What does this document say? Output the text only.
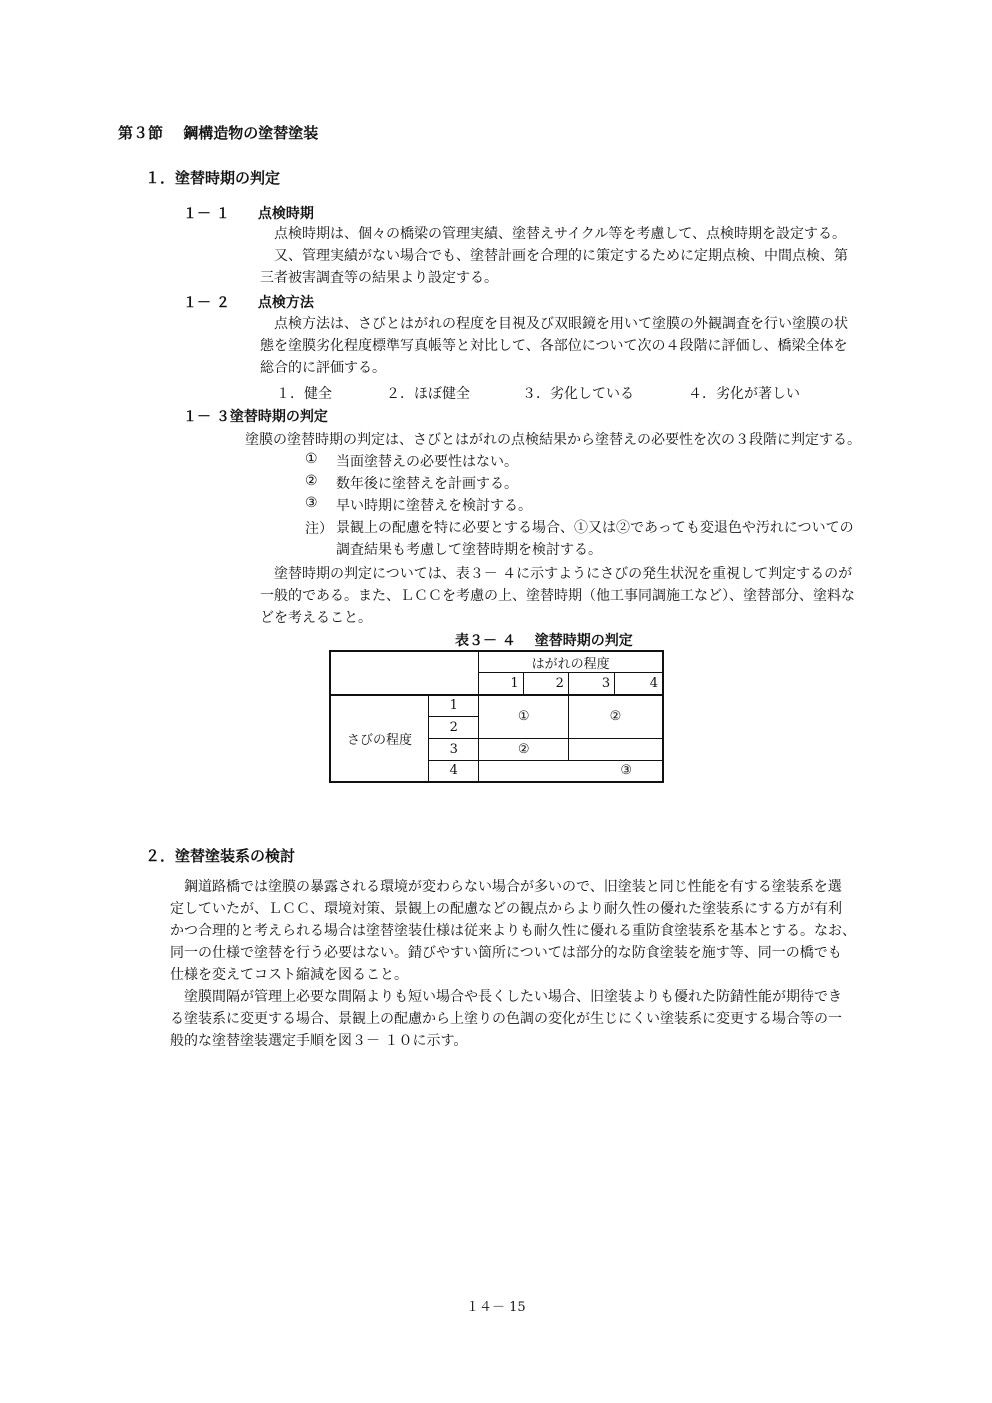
第３節　 鋼構造物の塗替塗装
１．塗替時期の判定
１－ １　　点検時期
点検時期は、個々の橋梁の管理実績、塗替えサイクル等を考慮して、点検時期を設定する。
又、管理実績がない場合でも、塗替計画を合理的に策定するために定期点検、中間点検、第
三者被害調査等の結果より設定する。
１－ ２　　点検方法
点検方法は、さびとはがれの程度を目視及び双眼鏡を用いて塗膜の外観調査を行い塗膜の状
態を塗膜劣化程度標準写真帳等と対比して、各部位について次の４段階に評価し、橋梁全体を
総合的に評価する。
１．健全	２．ほぼ健全	３．劣化している	４．劣化が著しい
１－ ３塗替時期の判定
塗膜の塗替時期の判定は、さびとはがれの点検結果から塗替えの必要性を次の３段階に判定する。
① 当面塗替えの必要性はない。
② 数年後に塗替えを計画する。
③ 早い時期に塗替えを検討する。
注） 景観上の配慮を特に必要とする場合、①又は②であっても変退色や汚れについての
調査結果も考慮して塗替時期を検討する。
塗替時期の判定については、表３－ ４に示すようにさびの発生状況を重視して判定するのが
一般的である。また、ＬＣＣを考慮の上、塗替時期（他工事同調施工など）、塗替部分、塗料な
どを考えること。
表３－ ４　 塗替時期の判定
		はがれの程度			
		1	2	3	4
さびの程度	1	①		②	
	2				
	3	②			
	4	③			
２．塗替塗装系の検討
鋼道路橋では塗膜の暴露される環境が変わらない場合が多いので、旧塗装と同じ性能を有する塗装系を選
定していたが、ＬＣＣ、環境対策、景観上の配慮などの観点からより耐久性の優れた塗装系にする方が有利
かつ合理的と考えられる場合は塗替塗装仕様は従来よりも耐久性に優れる重防食塗装系を基本とする。なお、
同一の仕様で塗替を行う必要はない。錆びやすい箇所については部分的な防食塗装を施す等、同一の橋でも
仕様を変えてコスト縮減を図ること。
塗膜間隔が管理上必要な間隔よりも短い場合や長くしたい場合、旧塗装よりも優れた防錆性能が期待でき
る塗装系に変更する場合、景観上の配慮から上塗りの色調の変化が生じにくい塗装系に変更する場合等の一
般的な塗替塗装選定手順を図３－ １０に示す。
１４－ 15
